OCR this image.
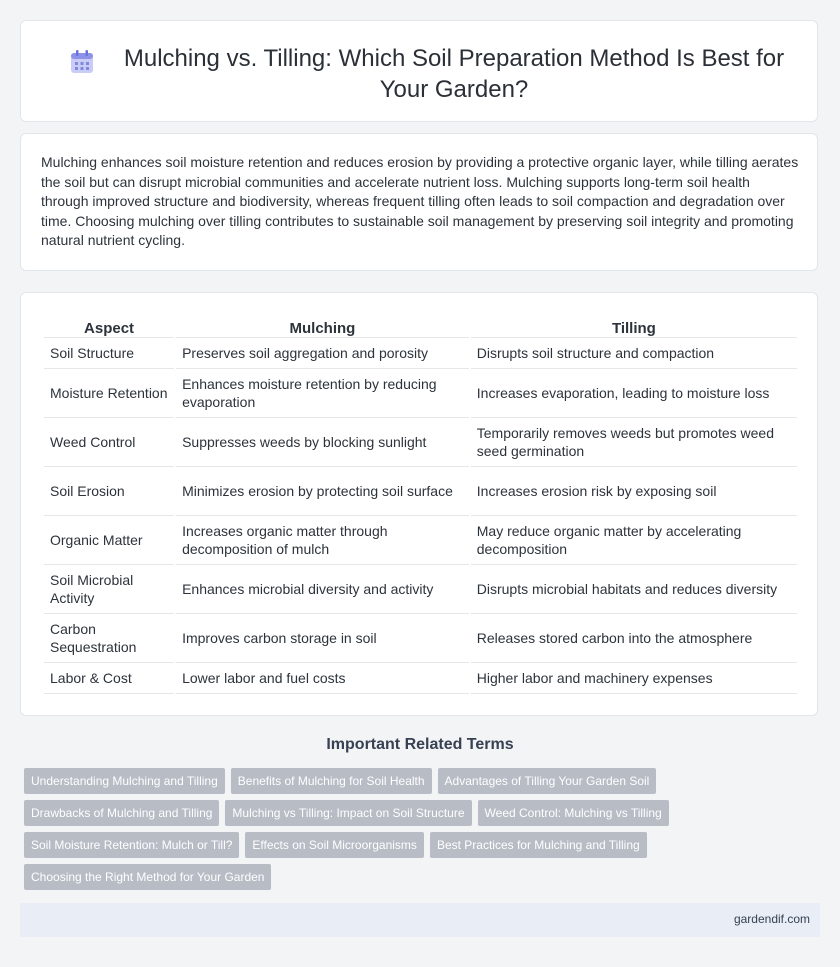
Mulching vs. Tilling: Which Soil Preparation Method Is Best for Your Garden?

Mulching enhances soil moisture retention and reduces erosion by providing a protective organic layer, while tilling aerates the soil but can disrupt microbial communities and accelerate nutrient loss. Mulching supports long-term soil health through improved structure and biodiversity, whereas frequent tilling often leads to soil compaction and degradation over time. Choosing mulching over tilling contributes to sustainable soil management by preserving soil integrity and promoting natural nutrient cycling.

Aspect	Mulching	Tilling
Soil Structure	Preserves soil aggregation and porosity	Disrupts soil structure and compaction
Moisture Retention	Enhances moisture retention by reducing evaporation	Increases evaporation, leading to moisture loss
Weed Control	Suppresses weeds by blocking sunlight	Temporarily removes weeds but promotes weed seed germination
Soil Erosion	Minimizes erosion by protecting soil surface	Increases erosion risk by exposing soil
Organic Matter	Increases organic matter through decomposition of mulch	May reduce organic matter by accelerating decomposition
Soil Microbial Activity	Enhances microbial diversity and activity	Disrupts microbial habitats and reduces diversity
Carbon Sequestration	Improves carbon storage in soil	Releases stored carbon into the atmosphere
Labor & Cost	Lower labor and fuel costs	Higher labor and machinery expenses
Important Related Terms
Understanding Mulching and Tilling	Benefits of Mulching for Soil Health	Advantages of Tilling Your Garden Soil
Drawbacks of Mulching and Tilling	Mulching vs Tilling: Impact on Soil Structure	Weed Control: Mulching vs Tilling
Soil Moisture Retention: Mulch or Till?	Effects on Soil Microorganisms	Best Practices for Mulching and Tilling
Choosing the Right Method for Your Garden
gardendif.com
